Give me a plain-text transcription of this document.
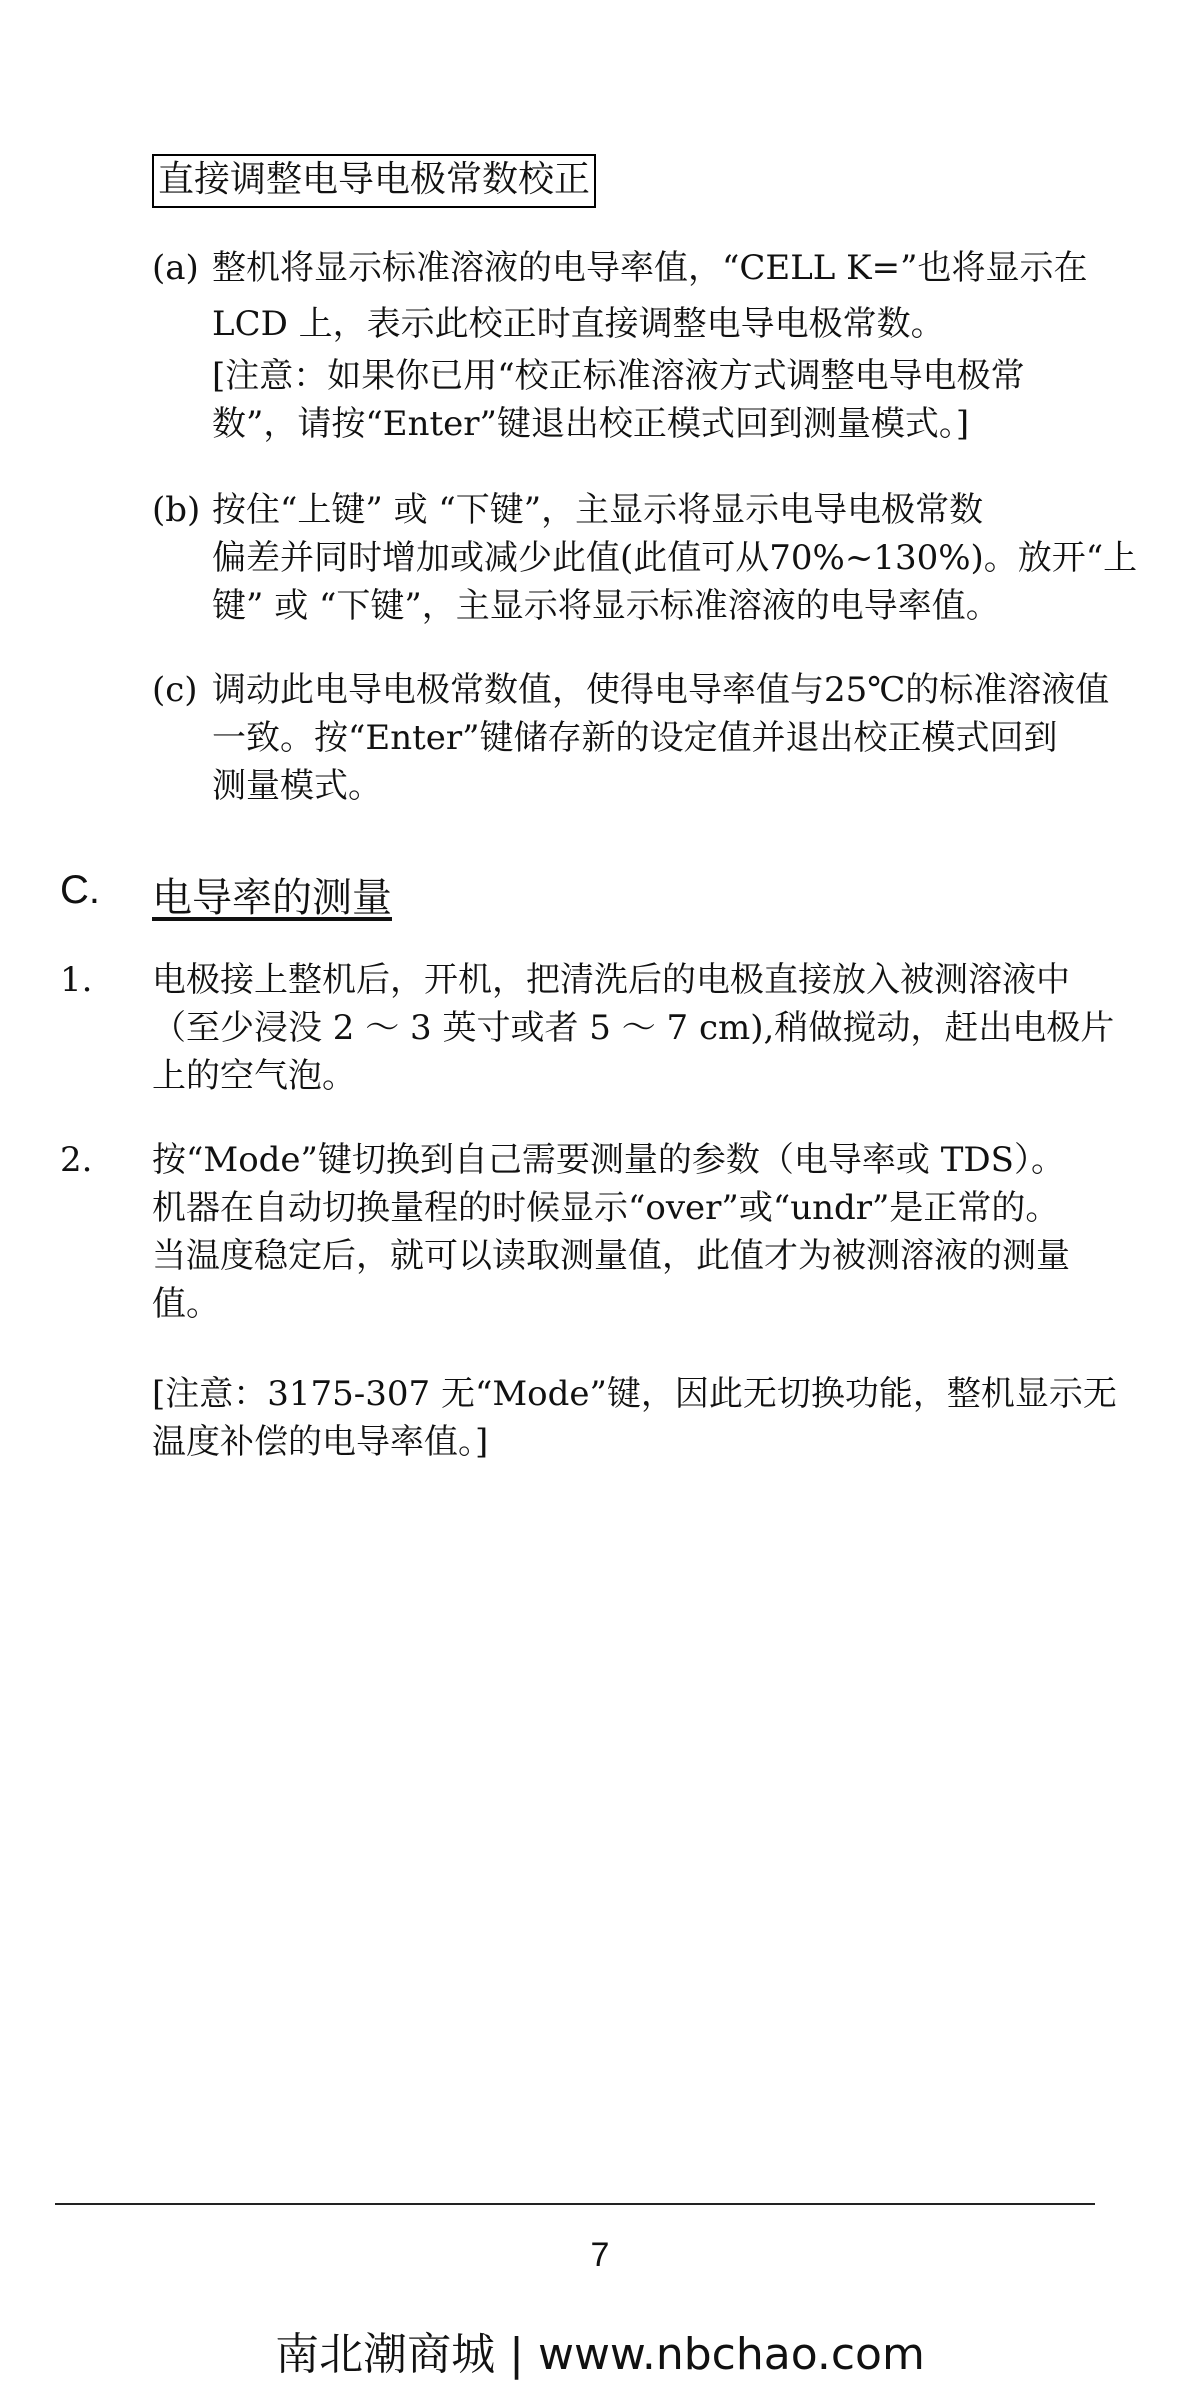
直接调整电导电极常数校正
(a) 整机将显示标准溶液的电导率值，“CELL K=”也将显示在
LCD 上，表示此校正时直接调整电导电极常数。
[注意：如果你已用“校正标准溶液方式调整电导电极常
数”，请按“Enter”键退出校正模式回到测量模式。]
(b) 按住“上键” 或 “下键”，主显示将显示电导电极常数
偏差并同时增加或减少此值(此值可从70%~130%)。放开“上
键” 或 “下键”，主显示将显示标准溶液的电导率值。
(c) 调动此电导电极常数值，使得电导率值与25℃的标准溶液值
一致。按“Enter”键储存新的设定值并退出校正模式回到
测量模式。
C. 电导率的测量
1. 电极接上整机后，开机，把清洗后的电极直接放入被测溶液中
（至少浸没 2 ～ 3 英寸或者 5 ～ 7 cm),稍做搅动，赶出电极片
上的空气泡。
2. 按“Mode”键切换到自己需要测量的参数（电导率或 TDS）。
机器在自动切换量程的时候显示“over”或“undr”是正常的。
当温度稳定后，就可以读取测量值，此值才为被测溶液的测量
值。
[注意：3175-307 无“Mode”键，因此无切换功能，整机显示无
温度补偿的电导率值。]
7
南北潮商城 | www.nbchao.com
